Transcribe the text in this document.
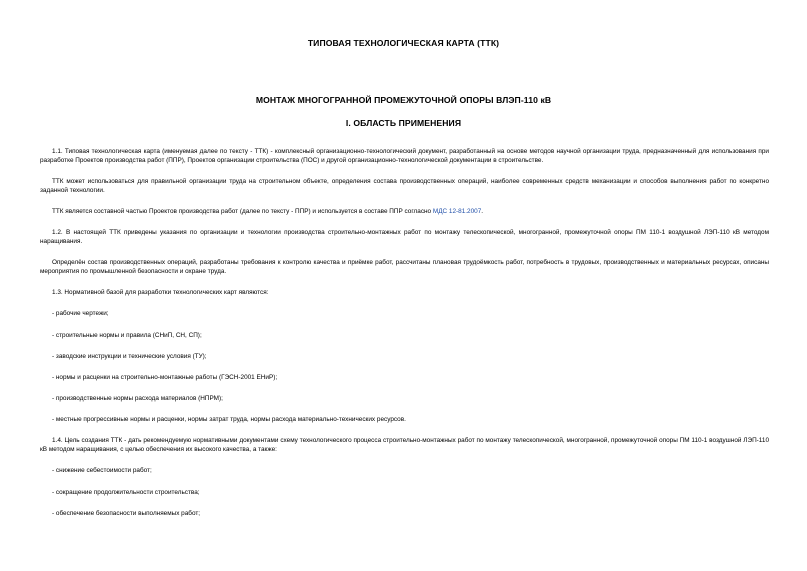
ТИПОВАЯ ТЕХНОЛОГИЧЕСКАЯ КАРТА (ТТК)
МОНТАЖ МНОГОГРАННОЙ ПРОМЕЖУТОЧНОЙ ОПОРЫ ВЛЭП-110 кВ
I. ОБЛАСТЬ ПРИМЕНЕНИЯ

1.1. Типовая технологическая карта (именуемая далее по тексту - ТТК) - комплексный организационно-технологический документ, разработанный на основе методов научной организации труда, предназначенный для использования при разработке Проектов производства работ (ППР), Проектов организации строительства (ПОС) и другой организационно-технологической документации в строительстве.

ТТК может использоваться для правильной организации труда на строительном объекте, определения состава производственных операций, наиболее современных средств механизации и способов выполнения работ по конкретно заданной технологии.

ТТК является составной частью Проектов производства работ (далее по тексту - ППР) и используется в составе ППР согласно МДС 12-81.2007.

1.2. В настоящей ТТК приведены указания по организации и технологии производства строительно-монтажных работ по монтажу телескопической, многогранной, промежуточной опоры ПМ 110-1 воздушной ЛЭП-110 кВ методом наращивания.

Определён состав производственных операций, разработаны требования к контролю качества и приёмке работ, рассчитаны плановая трудоёмкость работ, потребность в трудовых, производственных и материальных ресурсах, описаны мероприятия по промышленной безопасности и охране труда.

1.3. Нормативной базой для разработки технологических карт являются:

- рабочие чертежи;

- строительные нормы и правила (СНиП, СН, СП);

- заводские инструкции и технические условия (ТУ);

- нормы и расценки на строительно-монтажные работы (ГЭСН-2001 ЕНиР);

- производственные нормы расхода материалов (НПРМ);

- местные прогрессивные нормы и расценки, нормы затрат труда, нормы расхода материально-технических ресурсов.

1.4. Цель создания ТТК - дать рекомендуемую нормативными документами схему технологического процесса строительно-монтажных работ по монтажу телескопической, многогранной, промежуточной опоры ПМ 110-1 воздушной ЛЭП-110 кВ методом наращивания, с целью обеспечения их высокого качества, а также:

- снижение себестоимости работ;

- сокращение продолжительности строительства;

- обеспечение безопасности выполняемых работ;
